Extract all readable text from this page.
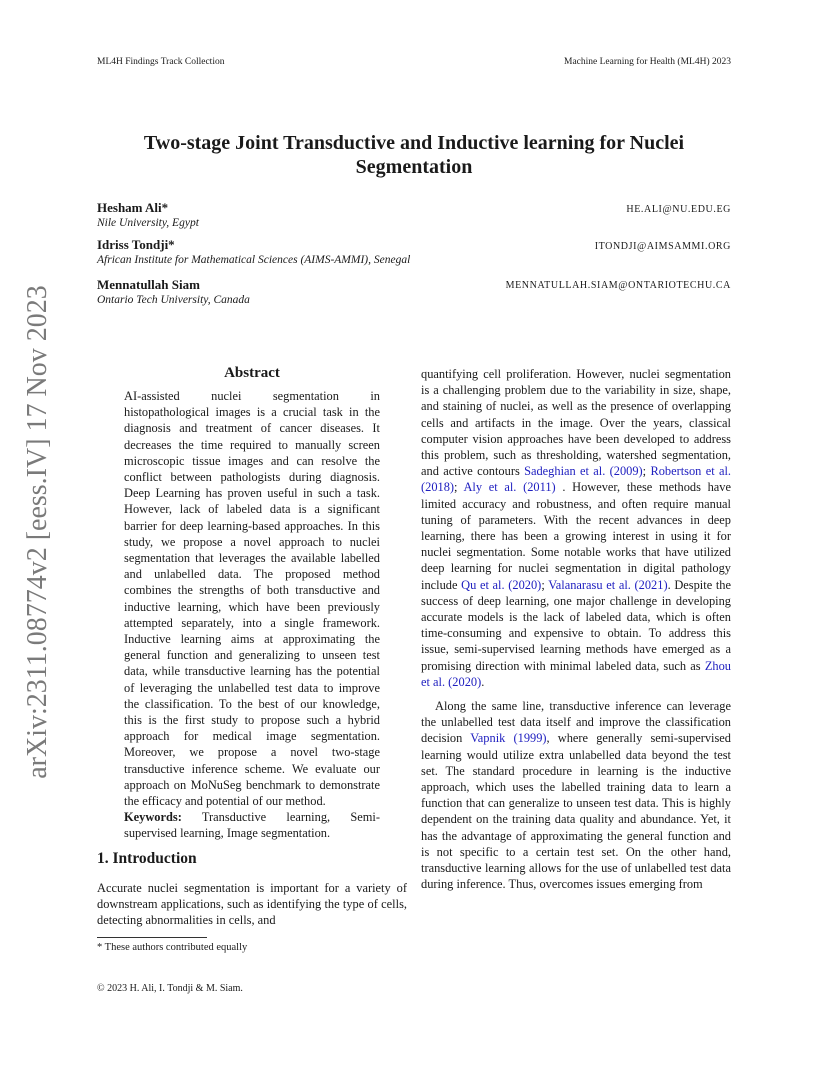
ML4H Findings Track Collection	Machine Learning for Health (ML4H) 2023
arXiv:2311.08774v2 [eess.IV] 17 Nov 2023
Two-stage Joint Transductive and Inductive learning for Nuclei
Segmentation
Hesham Ali*
Nile University, Egypt
HE.ALI@NU.EDU.EG
Idriss Tondji*
African Institute for Mathematical Sciences (AIMS-AMMI), Senegal
ITONDJI@AIMSAMMI.ORG
Mennatullah Siam
Ontario Tech University, Canada
MENNATULLAH.SIAM@ONTARIOTECHU.CA
Abstract

AI-assisted nuclei segmentation in histopathological images is a crucial task in the diagnosis and treatment of cancer diseases. It decreases the time required to manually screen microscopic tissue images and can resolve the conflict between pathologists during diagnosis. Deep Learning has proven useful in such a task. However, lack of labeled data is a significant barrier for deep learning-based approaches. In this study, we propose a novel approach to nuclei segmentation that leverages the available labelled and unlabelled data. The proposed method combines the strengths of both transductive and inductive learning, which have been previously attempted separately, into a single framework. Inductive learning aims at approximating the general function and generalizing to unseen test data, while transductive learning has the potential of leveraging the unlabelled test data to improve the classification. To the best of our knowledge, this is the first study to propose such a hybrid approach for medical image segmentation. Moreover, we propose a novel two-stage transductive inference scheme. We evaluate our approach on MoNuSeg benchmark to demonstrate the efficacy and potential of our method.

Keywords: Transductive learning, Semi-supervised learning, Image segmentation.

1. Introduction

Accurate nuclei segmentation is important for a variety of downstream applications, such as identifying the type of cells, detecting abnormalities in cells, and

* These authors contributed equally
© 2023 H. Ali, I. Tondji & M. Siam.

quantifying cell proliferation. However, nuclei segmentation is a challenging problem due to the variability in size, shape, and staining of nuclei, as well as the presence of overlapping cells and artifacts in the image. Over the years, classical computer vision approaches have been developed to address this problem, such as thresholding, watershed segmentation, and active contours Sadeghian et al. (2009); Robertson et al. (2018); Aly et al. (2011) . However, these methods have limited accuracy and robustness, and often require manual tuning of parameters. With the recent advances in deep learning, there has been a growing interest in using it for nuclei segmentation. Some notable works that have utilized deep learning for nuclei segmentation in digital pathology include Qu et al. (2020); Valanarasu et al. (2021). Despite the success of deep learning, one major challenge in developing accurate models is the lack of labeled data, which is often time-consuming and expensive to obtain. To address this issue, semi-supervised learning methods have emerged as a promising direction with minimal labeled data, such as Zhou et al. (2020).

Along the same line, transductive inference can leverage the unlabelled test data itself and improve the classification decision Vapnik (1999), where generally semi-supervised learning would utilize extra unlabelled data beyond the test set. The standard procedure in learning is the inductive approach, which uses the labelled training data to learn a function that can generalize to unseen test data. This is highly dependent on the training data quality and abundance. Yet, it has the advantage of approximating the general function and is not specific to a certain test set. On the other hand, transductive learning allows for the use of unlabelled test data during inference. Thus, overcomes issues emerging from
